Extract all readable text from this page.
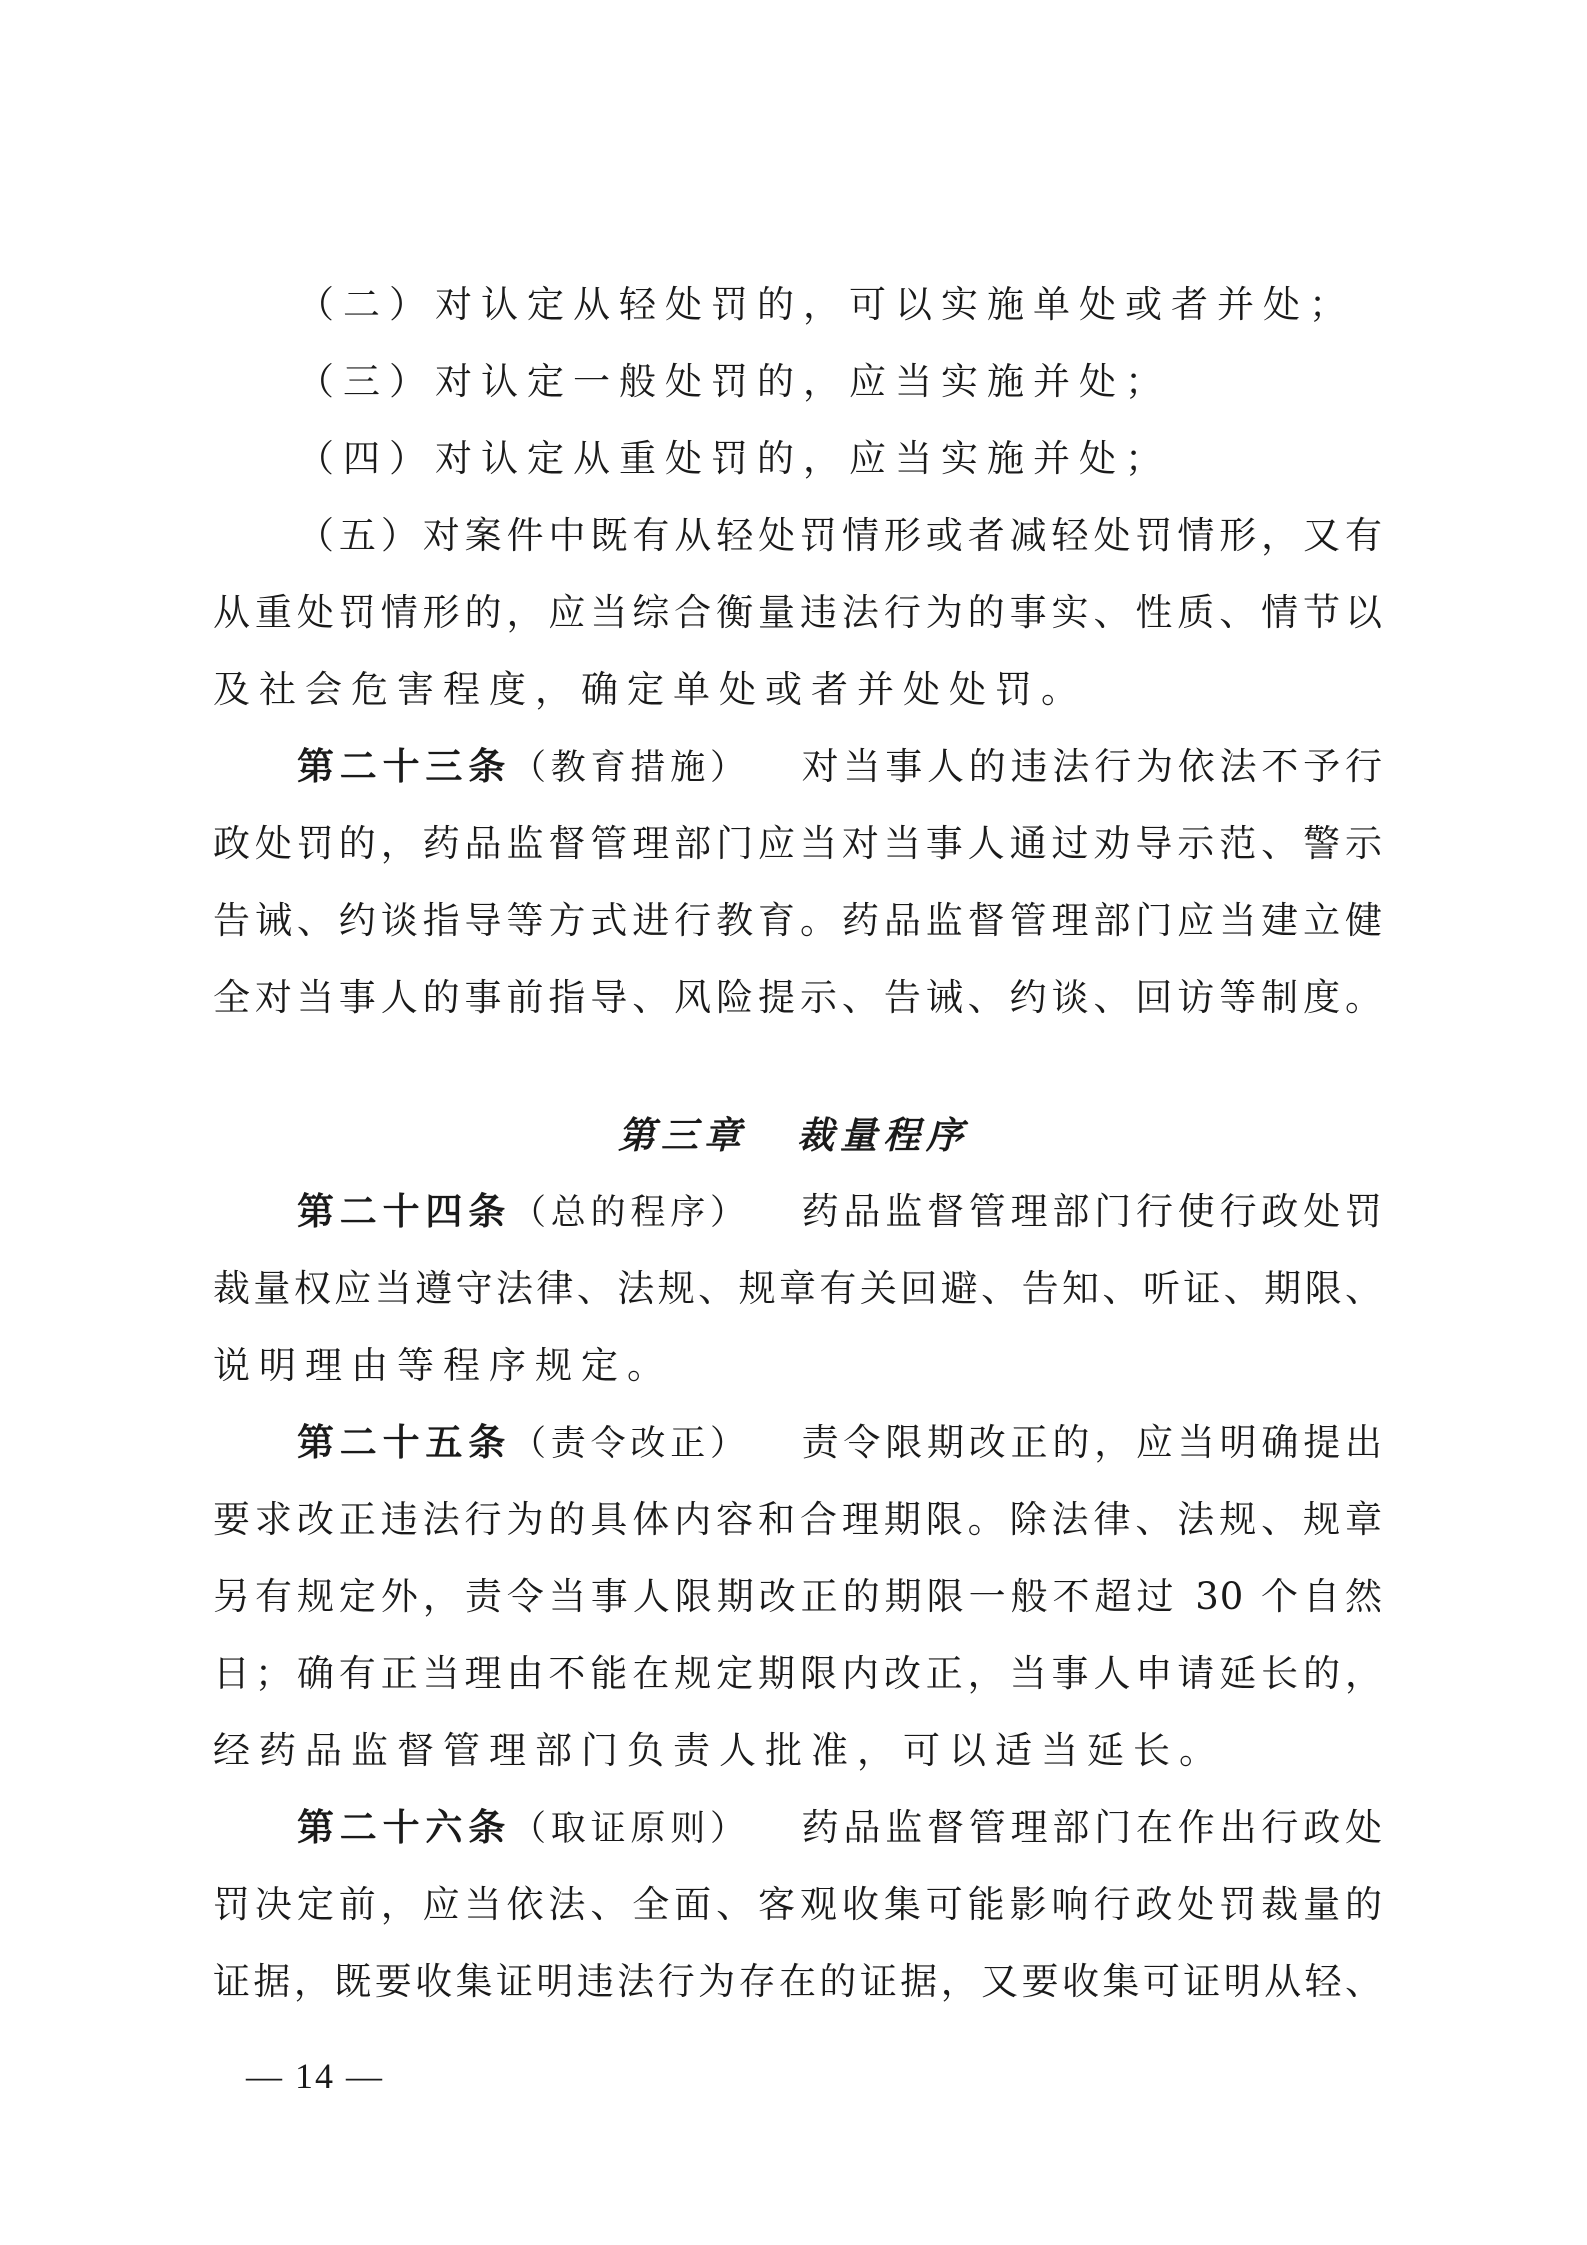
（二）对认定从轻处罚的，可以实施单处或者并处；
（三）对认定一般处罚的，应当实施并处；
（四）对认定从重处罚的，应当实施并处；
（五）对案件中既有从轻处罚情形或者减轻处罚情形，又有
从重处罚情形的，应当综合衡量违法行为的事实、性质、情节以
及社会危害程度，确定单处或者并处处罚。
第二十三条（教育措施） 对当事人的违法行为依法不予行
政处罚的，药品监督管理部门应当对当事人通过劝导示范、警示
告诫、约谈指导等方式进行教育。药品监督管理部门应当建立健
全对当事人的事前指导、风险提示、告诫、约谈、回访等制度。
第三章 裁量程序
第二十四条（总的程序） 药品监督管理部门行使行政处罚
裁量权应当遵守法律、法规、规章有关回避、告知、听证、期限、
说明理由等程序规定。
第二十五条（责令改正） 责令限期改正的，应当明确提出
要求改正违法行为的具体内容和合理期限。除法律、法规、规章
另有规定外，责令当事人限期改正的期限一般不超过 30 个自然
日；确有正当理由不能在规定期限内改正，当事人申请延长的，
经药品监督管理部门负责人批准，可以适当延长。
第二十六条（取证原则） 药品监督管理部门在作出行政处
罚决定前，应当依法、全面、客观收集可能影响行政处罚裁量的
证据，既要收集证明违法行为存在的证据，又要收集可证明从轻、
— 14 —
